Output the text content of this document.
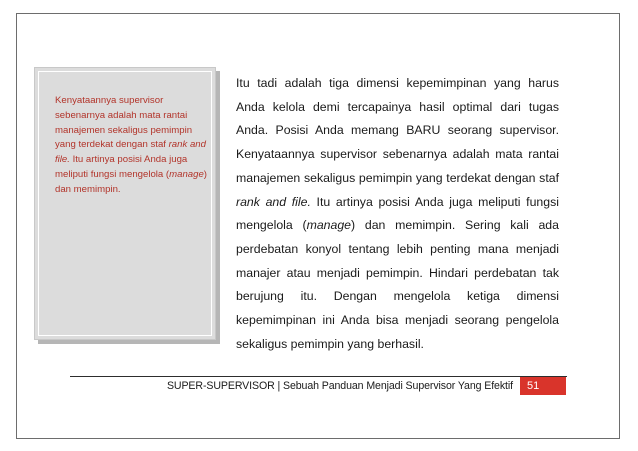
Kenyataannya supervisor sebenarnya adalah mata rantai manajemen sekaligus pemimpin yang terdekat dengan staf rank and file. Itu artinya posisi Anda juga meliputi fungsi mengelola (manage) dan memimpin.

Itu tadi adalah tiga dimensi kepemimpinan yang harus Anda kelola demi tercapainya hasil optimal dari tugas Anda. Posisi Anda memang BARU seorang supervisor. Kenyataannya supervisor sebenarnya adalah mata rantai manajemen sekaligus pemimpin yang terdekat dengan staf rank and file. Itu artinya posisi Anda juga meliputi fungsi mengelola (manage) dan memimpin. Sering kali ada perdebatan konyol tentang lebih penting mana menjadi manajer atau menjadi pemimpin. Hindari perdebatan tak berujung itu. Dengan mengelola ketiga dimensi kepemimpinan ini Anda bisa menjadi seorang pengelola sekaligus pemimpin yang berhasil.

SUPER-SUPERVISOR | Sebuah Panduan Menjadi Supervisor Yang Efektif	51
